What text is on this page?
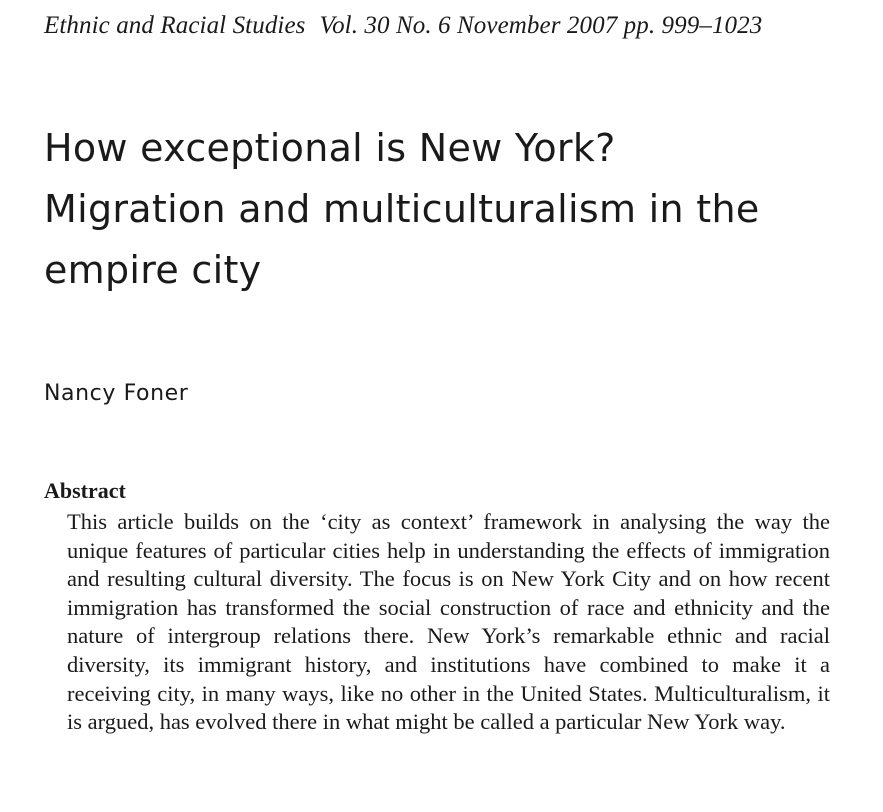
Ethnic and Racial Studies Vol. 30 No. 6 November 2007 pp. 999–1023
How exceptional is New York?
Migration and multiculturalism in the
empire city
Nancy Foner
Abstract

This article builds on the ‘city as context’ framework in analysing the way the unique features of particular cities help in understanding the effects of immigration and resulting cultural diversity. The focus is on New York City and on how recent immigration has transformed the social construction of race and ethnicity and the nature of intergroup relations there. New York’s remarkable ethnic and racial diversity, its immigrant history, and institutions have combined to make it a receiving city, in many ways, like no other in the United States. Multiculturalism, it is argued, has evolved there in what might be called a particular New York way.
